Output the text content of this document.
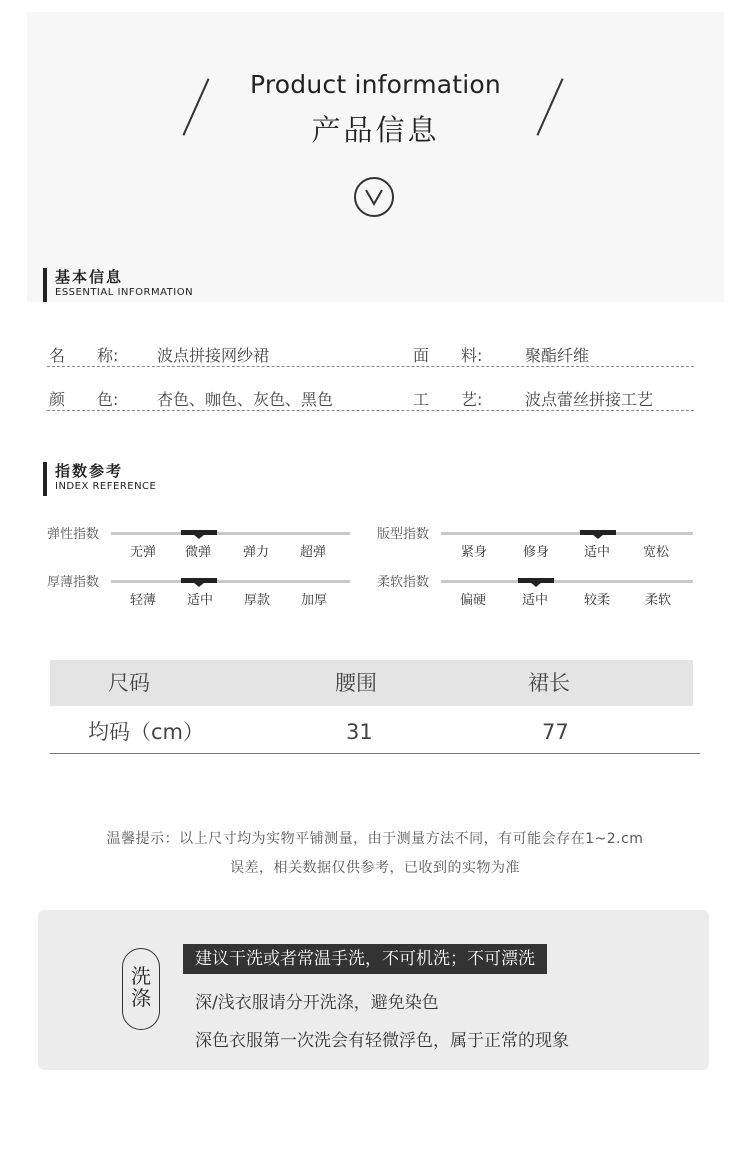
Product information
产品信息
基本信息
ESSENTIAL INFORMATION
名　　称:	波点拼接网纱裙	面　　料:	聚酯纤维
颜　　色:	杏色、咖色、灰色、黑色	工　　艺:	波点蕾丝拼接工艺
指数参考
INDEX REFERENCE
弹性指数
无弹 微弹 弹力 超弹
版型指数
紧身	修身	适中	宽松
厚薄指数
轻薄 适中 厚款 加厚
柔软指数
偏硬	适中	较柔	柔软
尺码	腰围	裙长
均码（cm）	31	77
温馨提示：以上尺寸均为实物平铺测量，由于测量方法不同，有可能会存在1~2.cm
误差，相关数据仅供参考，已收到的实物为准
洗
涤
建议干洗或者常温手洗，不可机洗；不可漂洗
深/浅衣服请分开洗涤，避免染色
深色衣服第一次洗会有轻微浮色，属于正常的现象
